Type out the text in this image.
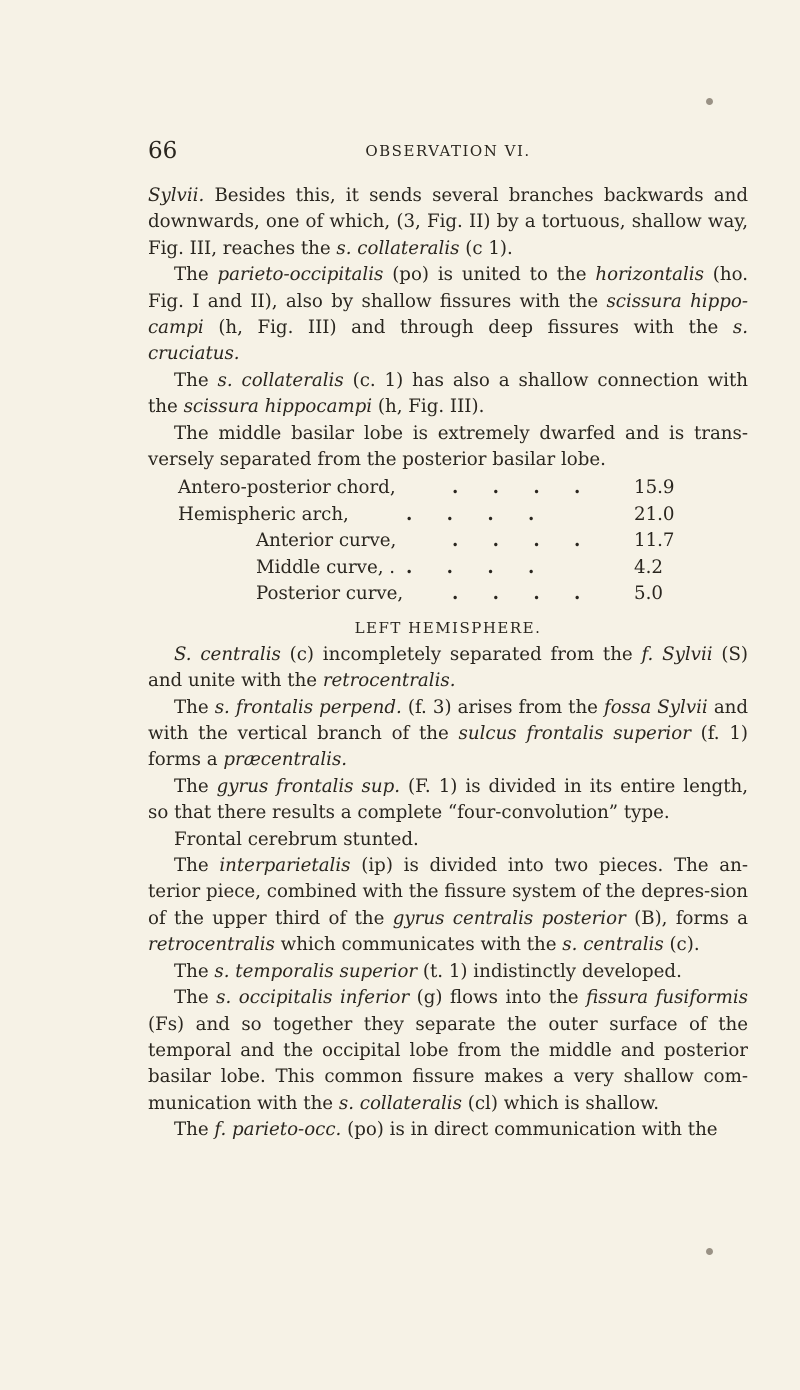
66	OBSERVATION VI.

Sylvii. Besides this, it sends several branches backwards and downwards, one of which, (3, Fig. II) by a tortuous, shallow way, Fig. III, reaches the s. collateralis (c 1).

The parieto-occipitalis (po) is united to the horizontalis (ho. Fig. I and II), also by shallow fissures with the scissura hippo-campi (h, Fig. III) and through deep fissures with the s. cruciatus.

The s. collateralis (c. 1) has also a shallow connection with the scissura hippocampi (h, Fig. III).

The middle basilar lobe is extremely dwarfed and is trans-versely separated from the posterior basilar lobe.

Antero-posterior chord,	. . . . 15.9
Hemispheric arch,	. . . .	21.0
Anterior curve,	. . . . 11.7
Middle curve, . . . . .	4.2
Posterior curve,	. . . . 5.0

LEFT HEMISPHERE.

S. centralis (c) incompletely separated from the f. Sylvii (S) and unite with the retrocentralis.

The s. frontalis perpend. (f. 3) arises from the fossa Sylvii and with the vertical branch of the sulcus frontalis superior (f. 1) forms a præcentralis.

The gyrus frontalis sup. (F. 1) is divided in its entire length, so that there results a complete “four-convolution” type.

Frontal cerebrum stunted.

The interparietalis (ip) is divided into two pieces. The an-terior piece, combined with the fissure system of the depres-sion of the upper third of the gyrus centralis posterior (B), forms a retrocentralis which communicates with the s. centralis (c).

The s. temporalis superior (t. 1) indistinctly developed.

The s. occipitalis inferior (g) flows into the fissura fusiformis (Fs) and so together they separate the outer surface of the temporal and the occipital lobe from the middle and posterior basilar lobe. This common fissure makes a very shallow com-munication with the s. collateralis (cl) which is shallow.

The f. parieto-occ. (po) is in direct communication with the
